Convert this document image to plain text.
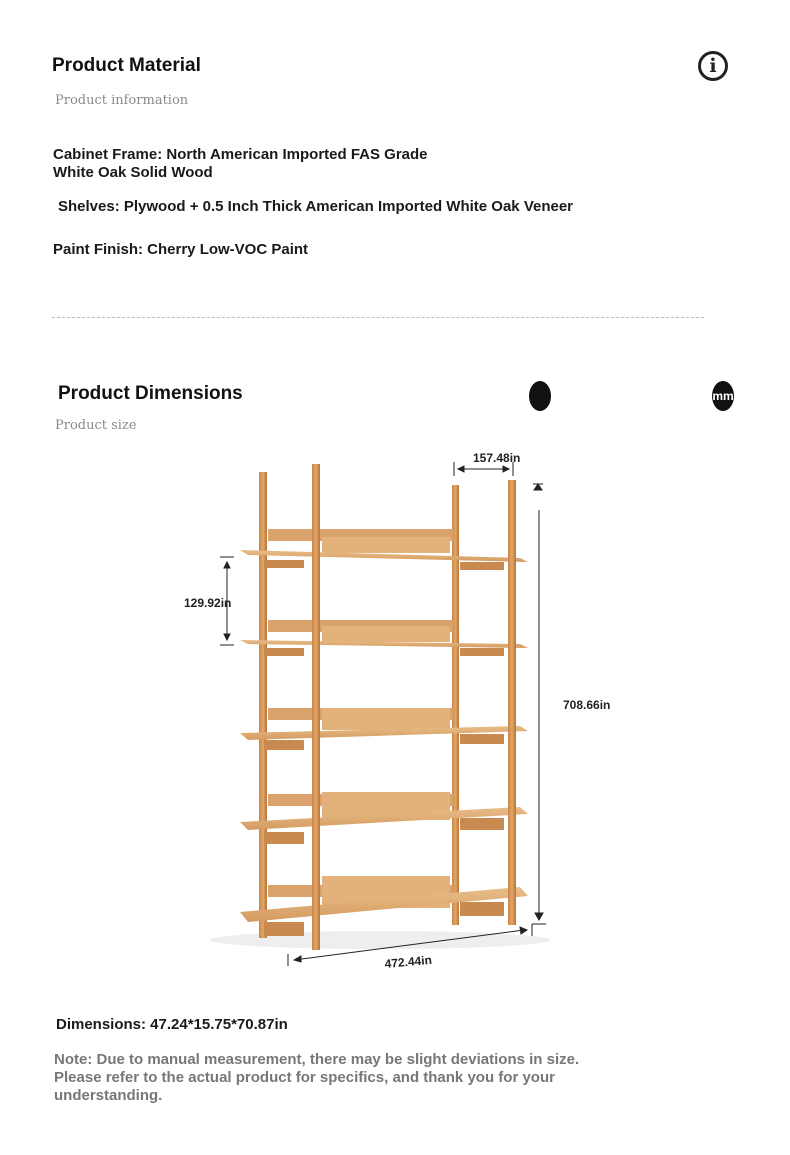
Product Material
Product information
i
Cabinet Frame: North American Imported FAS Grade
White Oak Solid Wood
Shelves: Plywood + 0.5 Inch Thick American Imported White Oak Veneer
Paint Finish: Cherry Low-VOC Paint
Product Dimensions
Product size
mm
157.48in
129.92in
708.66in
472.44in
Dimensions: 47.24*15.75*70.87in
Note: Due to manual measurement, there may be slight deviations in size.
Please refer to the actual product for specifics, and thank you for your
understanding.
